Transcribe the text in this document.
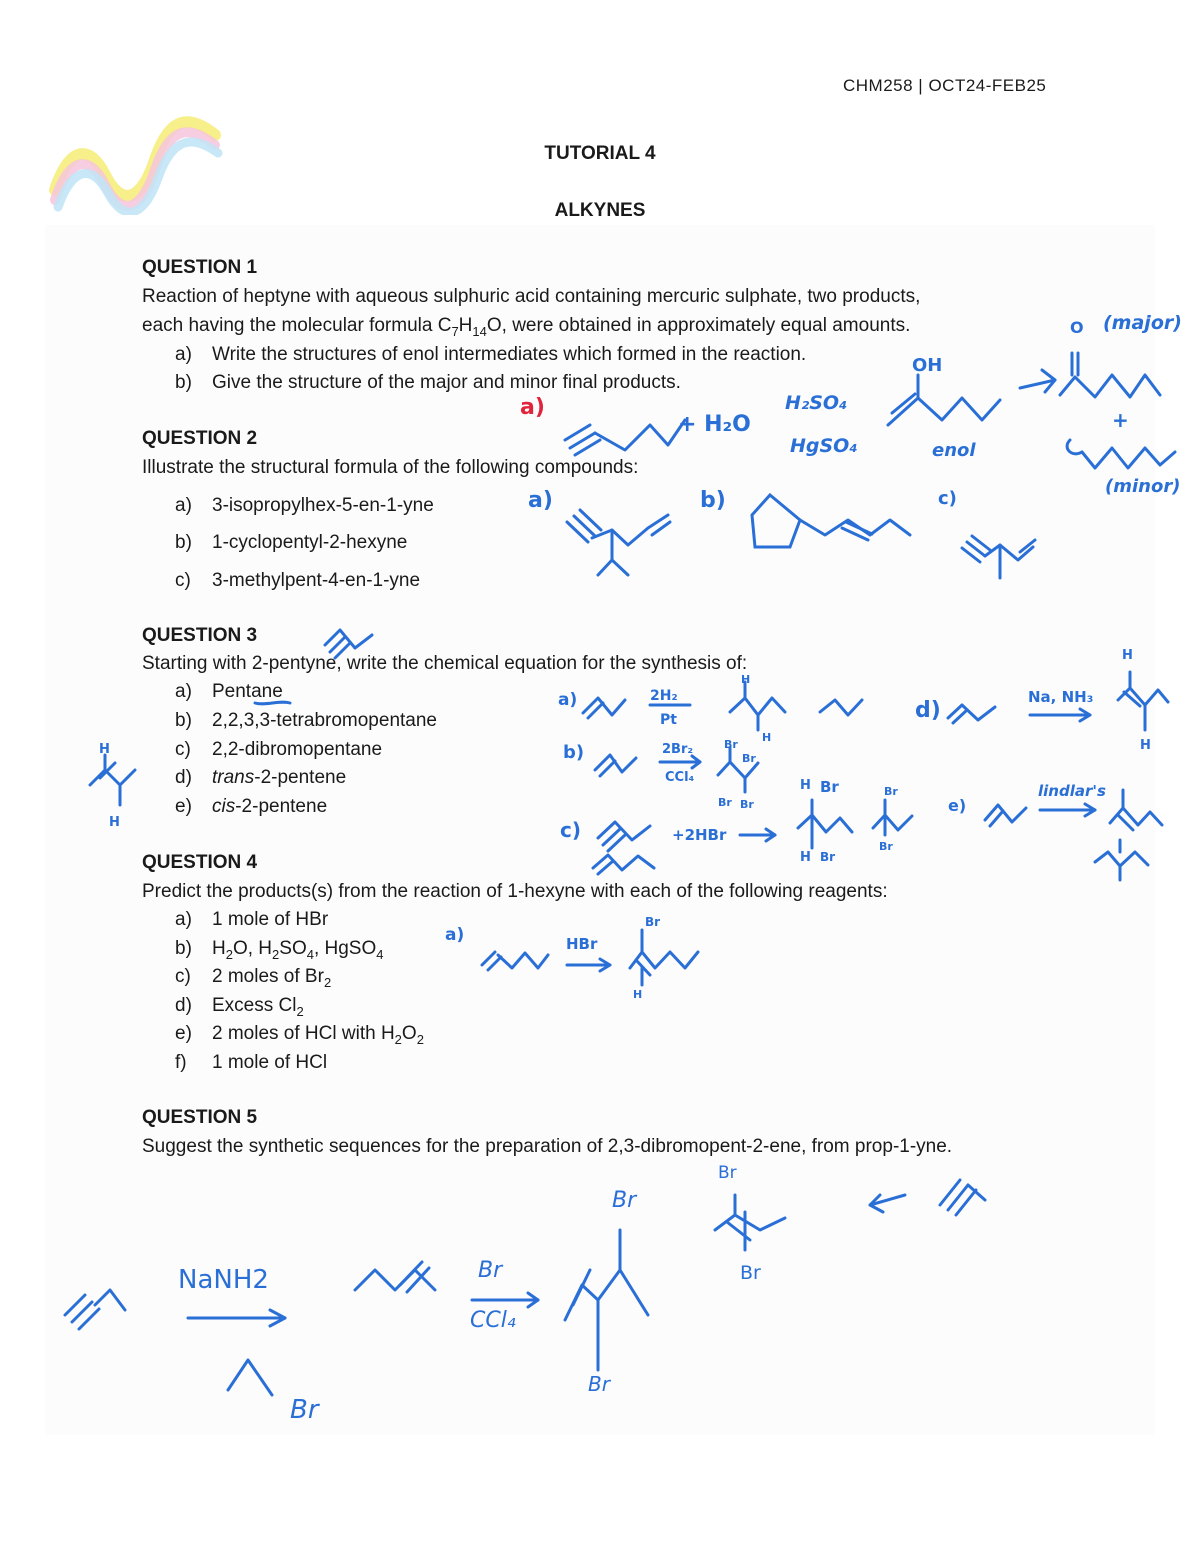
CHM258 | OCT24-FEB25
TUTORIAL 4
ALKYNES
QUESTION 1
Reaction of heptyne with aqueous sulphuric acid containing mercuric sulphate, two products,
each having the molecular formula $C_7H_{14}O$, were obtained in approximately equal amounts.
a) Write the structures of enol intermediates which formed in the reaction.
b) Give the structure of the major and minor final products.
QUESTION 2
Illustrate the structural formula of the following compounds:
a) 3-isopropylhex-5-en-1-yne
b) 1-cyclopentyl-2-hexyne
c) 3-methylpent-4-en-1-yne
QUESTION 3
Starting with 2-pentyne, write the chemical equation for the synthesis of:
a) Pentane
b) 2,2,3,3-tetrabromopentane
c) 2,2-dibromopentane
d) trans-2-pentene
e) cis-2-pentene
QUESTION 4
Predict the products(s) from the reaction of 1-hexyne with each of the following reagents:
a) 1 mole of HBr
b) $H_2O$, $H_2SO_4$, HgSO$_4$
c) 2 moles of $Br_2$
d) Excess $Cl_2$
e) 2 moles of HCl with $H_2O_2$
f) 1 mole of HCl
QUESTION 5
Suggest the synthetic sequences for the preparation of 2,3-dibromopent-2-ene, from prop-1-yne.
a)
+ H₂O
H₂SO₄
HgSO₄
OH
enol
O (major)
+
(minor)
a)	b)	c)
a)	2H₂
Pt
b)	2Br₂
CCl₄
c)	+2HBr
d)
Na, NH₃
e)
lindlar's
H
H
H
H
H
H
H
H
H
Br
Br
Br Br
Br
Br
Br
Br
Br
a)	HBr
NaNH2
Br
Br
CCl₄
Br
Br
Br
Br
